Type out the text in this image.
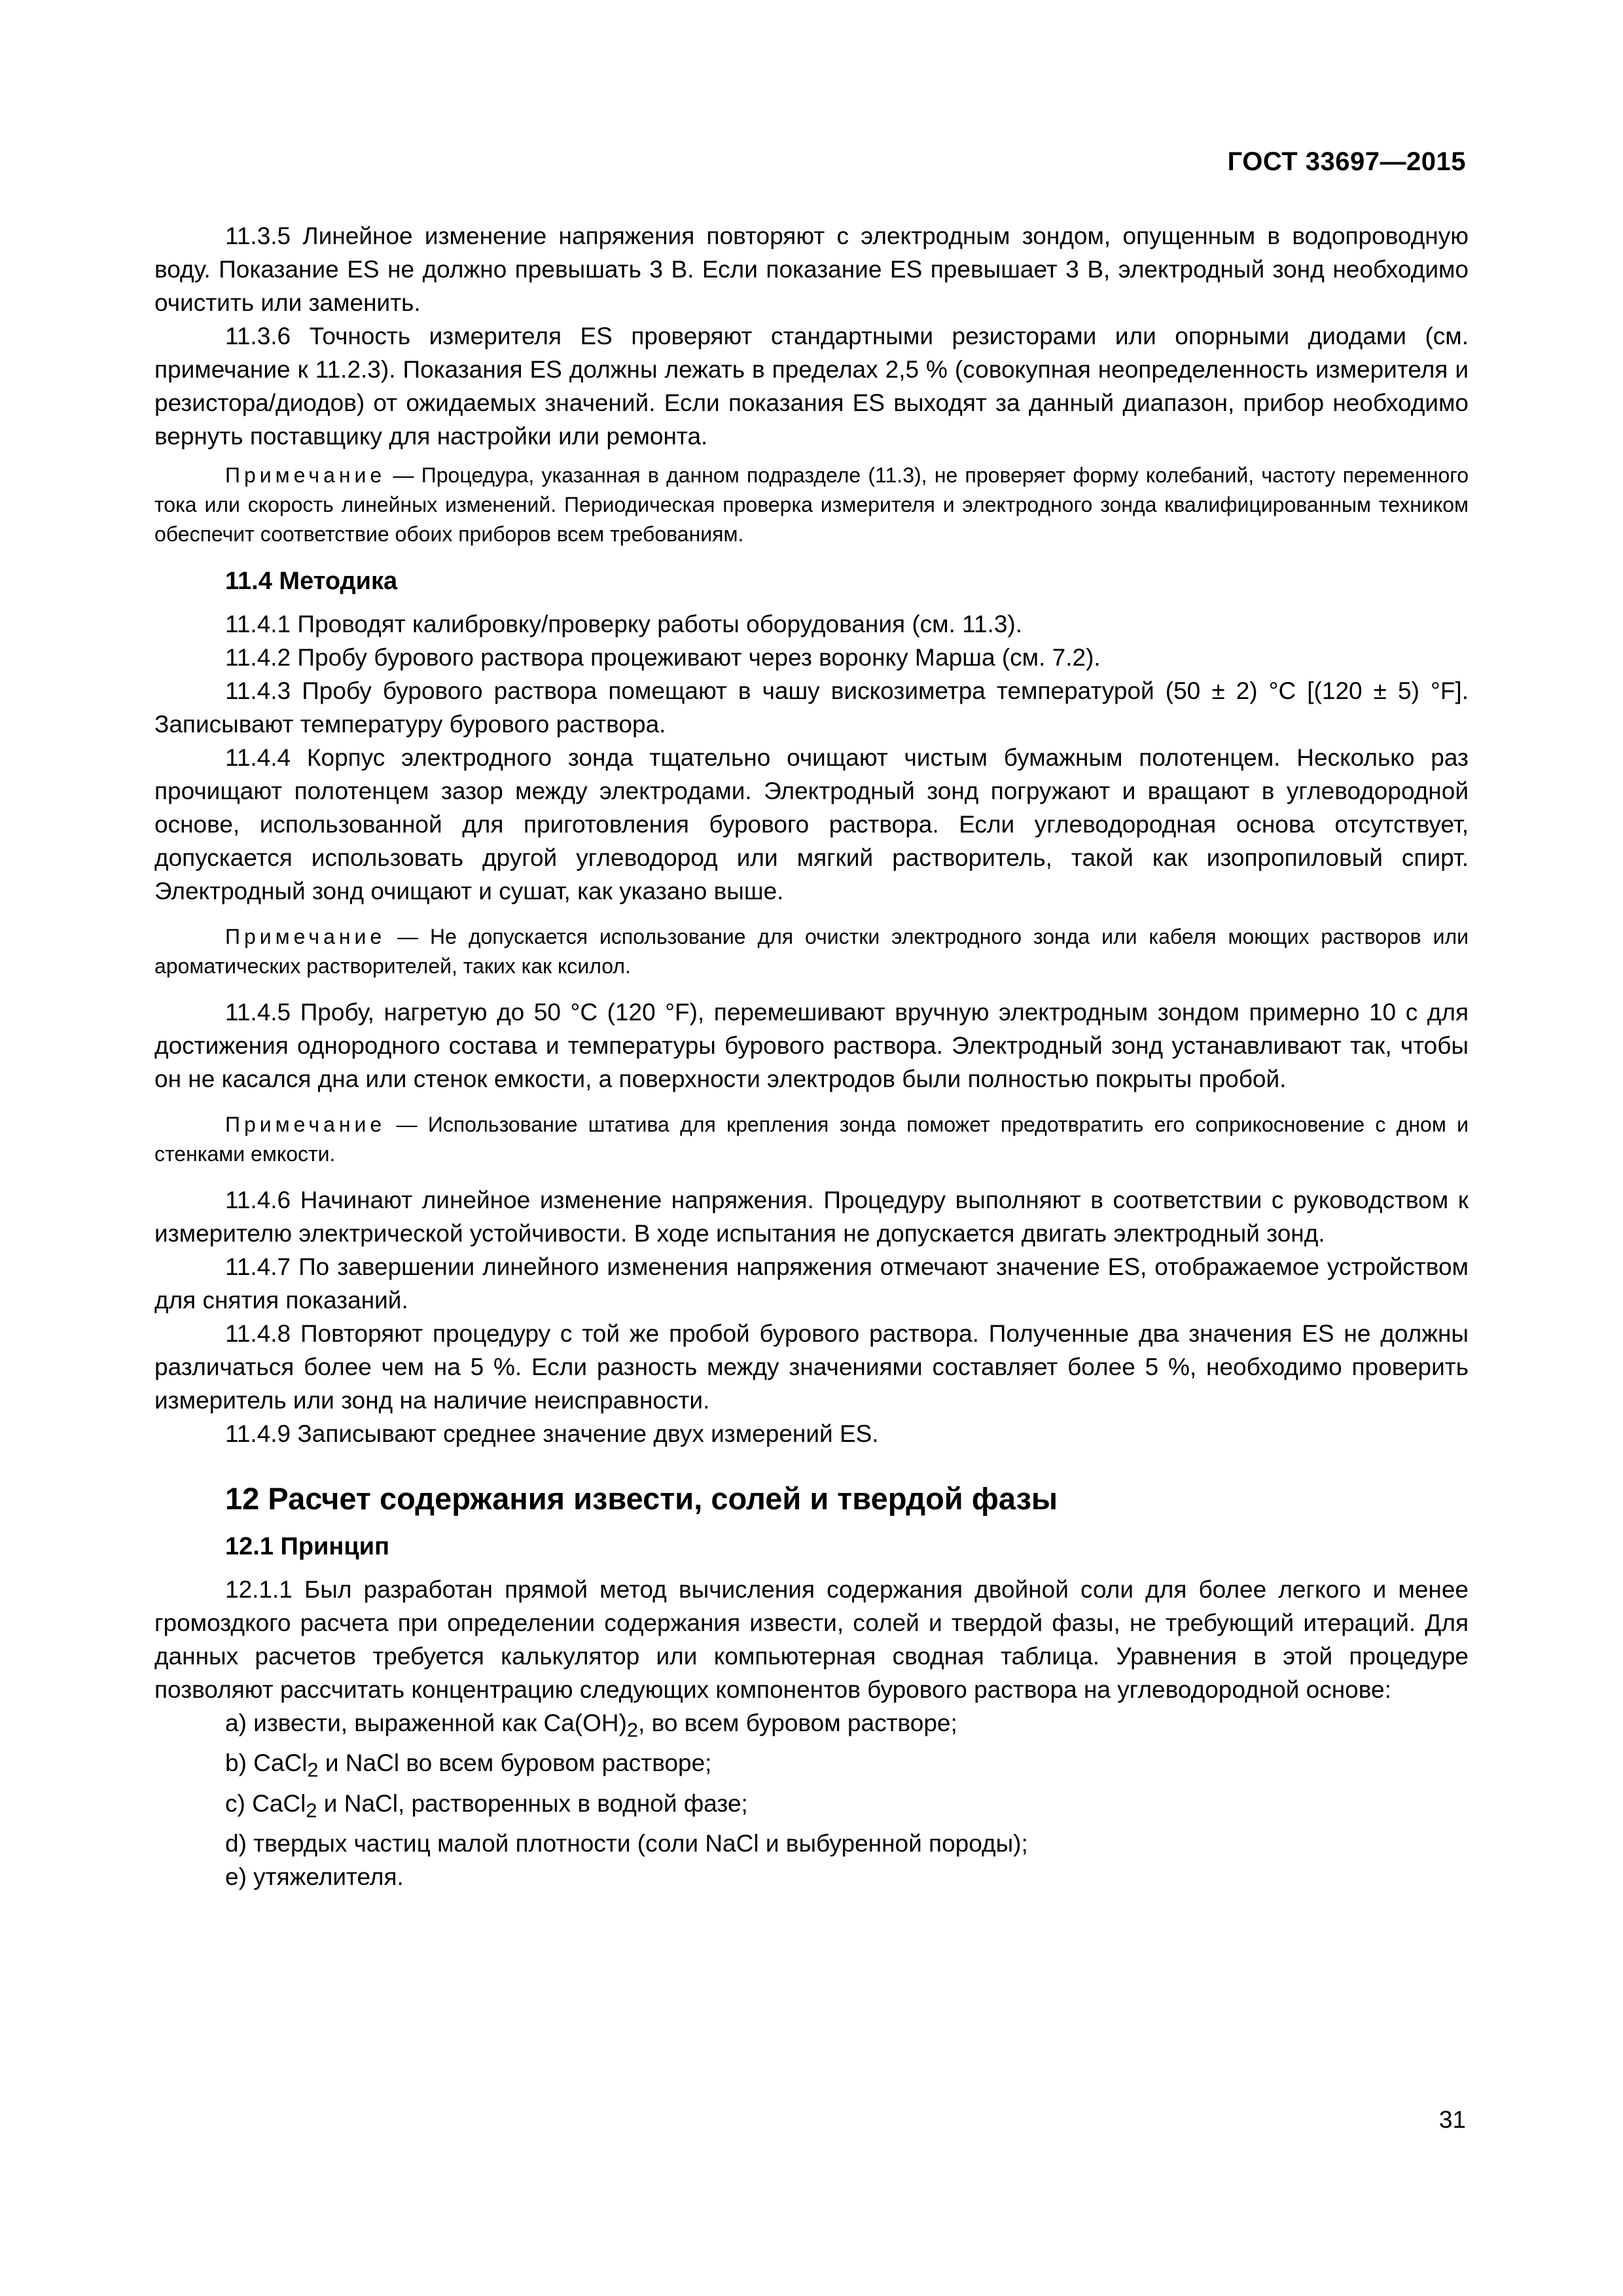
ГОСТ 33697—2015

11.3.5 Линейное изменение напряжения повторяют с электродным зондом, опущенным в водопроводную воду. Показание ES не должно превышать 3 В. Если показание ES превышает 3 В, электродный зонд необходимо очистить или заменить.

11.3.6 Точность измерителя ES проверяют стандартными резисторами или опорными диодами (см. примечание к 11.2.3). Показания ES должны лежать в пределах 2,5 % (совокупная неопределенность измерителя и резистора/диодов) от ожидаемых значений. Если показания ES выходят за данный диапазон, прибор необходимо вернуть поставщику для настройки или ремонта.

Примечание — Процедура, указанная в данном подразделе (11.3), не проверяет форму колебаний, частоту переменного тока или скорость линейных изменений. Периодическая проверка измерителя и электродного зонда квалифицированным техником обеспечит соответствие обоих приборов всем требованиям.

11.4 Методика

11.4.1 Проводят калибровку/проверку работы оборудования (см. 11.3).

11.4.2 Пробу бурового раствора процеживают через воронку Марша (см. 7.2).

11.4.3 Пробу бурового раствора помещают в чашу вискозиметра температурой (50 ± 2) °С [(120 ± 5) °F]. Записывают температуру бурового раствора.

11.4.4 Корпус электродного зонда тщательно очищают чистым бумажным полотенцем. Несколько раз прочищают полотенцем зазор между электродами. Электродный зонд погружают и вращают в углеводородной основе, использованной для приготовления бурового раствора. Если углеводородная основа отсутствует, допускается использовать другой углеводород или мягкий растворитель, такой как изопропиловый спирт. Электродный зонд очищают и сушат, как указано выше.

Примечание — Не допускается использование для очистки электродного зонда или кабеля моющих растворов или ароматических растворителей, таких как ксилол.

11.4.5 Пробу, нагретую до 50 °С (120 °F), перемешивают вручную электродным зондом примерно 10 с для достижения однородного состава и температуры бурового раствора. Электродный зонд устанавливают так, чтобы он не касался дна или стенок емкости, а поверхности электродов были полностью покрыты пробой.

Примечание — Использование штатива для крепления зонда поможет предотвратить его соприкосновение с дном и стенками емкости.

11.4.6 Начинают линейное изменение напряжения. Процедуру выполняют в соответствии с руководством к измерителю электрической устойчивости. В ходе испытания не допускается двигать электродный зонд.

11.4.7 По завершении линейного изменения напряжения отмечают значение ES, отображаемое устройством для снятия показаний.

11.4.8 Повторяют процедуру с той же пробой бурового раствора. Полученные два значения ES не должны различаться более чем на 5 %. Если разность между значениями составляет более 5 %, необходимо проверить измеритель или зонд на наличие неисправности.

11.4.9 Записывают среднее значение двух измерений ES.

12 Расчет содержания извести, солей и твердой фазы

12.1 Принцип

12.1.1 Был разработан прямой метод вычисления содержания двойной соли для более легкого и менее громоздкого расчета при определении содержания извести, солей и твердой фазы, не требующий итераций. Для данных расчетов требуется калькулятор или компьютерная сводная таблица. Уравнения в этой процедуре позволяют рассчитать концентрацию следующих компонентов бурового раствора на углеводородной основе:

a) извести, выраженной как $Ca(OH)_2$, во всем буровом растворе;

b) CaCl$_2$ и NaCl во всем буровом растворе;

c) CaCl$_2$ и NaCl, растворенных в водной фазе;

d) твердых частиц малой плотности (соли NaCl и выбуренной породы);

e) утяжелителя.

31
